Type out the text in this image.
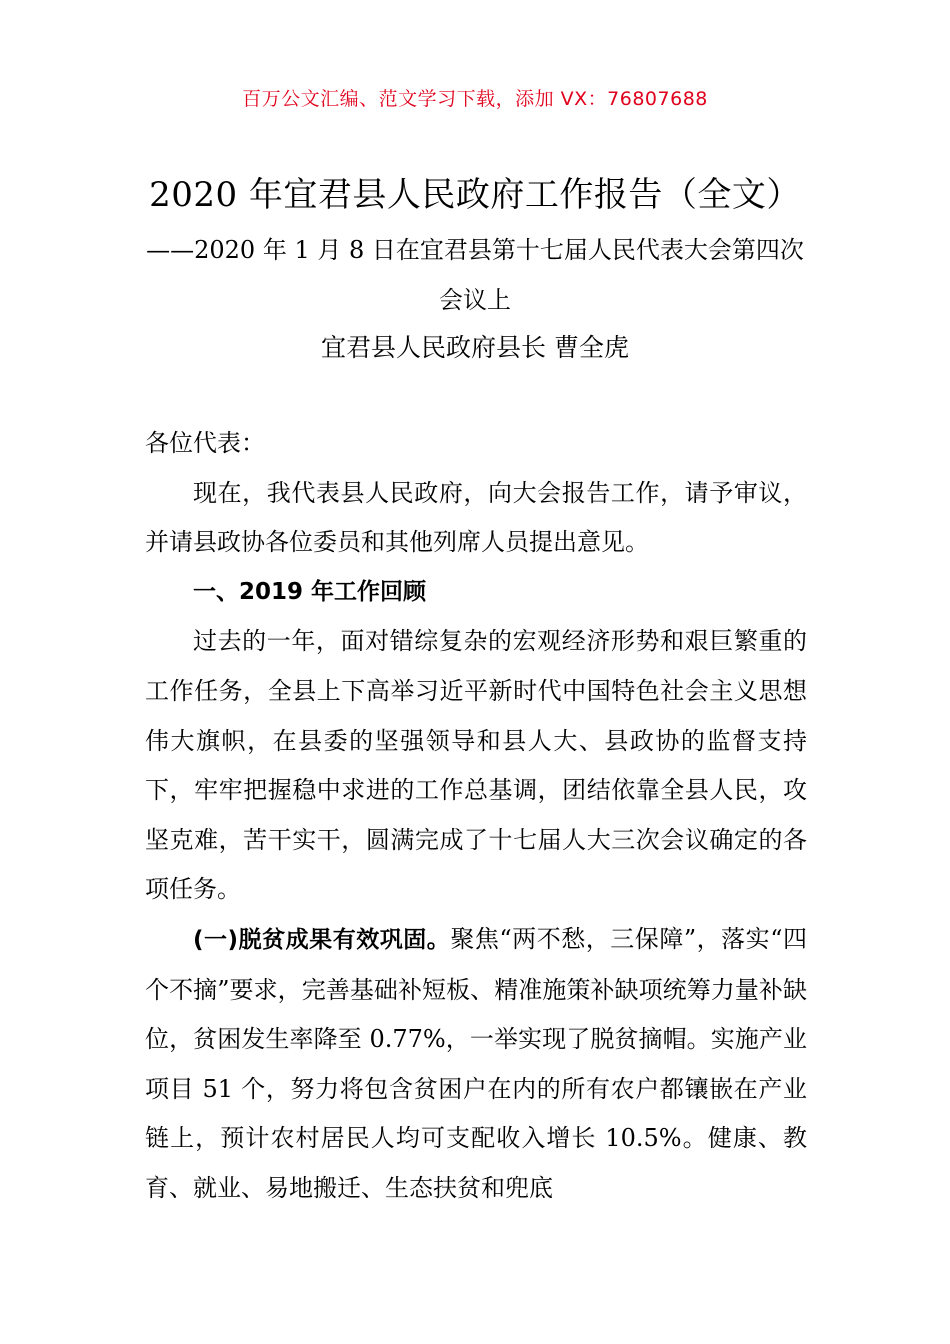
百万公文汇编、范文学习下载，添加 VX：76807688
2020 年宜君县人民政府工作报告（全文）
——2020 年 1 月 8 日在宜君县第十七届人民代表大会第四次会议上
宜君县人民政府县长 曹全虎

各位代表：

现在，我代表县人民政府，向大会报告工作，请予审议，并请县政协各位委员和其他列席人员提出意见。

一、2019 年工作回顾

过去的一年，面对错综复杂的宏观经济形势和艰巨繁重的工作任务，全县上下高举习近平新时代中国特色社会主义思想伟大旗帜，在县委的坚强领导和县人大、县政协的监督支持下，牢牢把握稳中求进的工作总基调，团结依靠全县人民，攻坚克难，苦干实干，圆满完成了十七届人大三次会议确定的各项任务。

(一)脱贫成果有效巩固。聚焦“两不愁，三保障”，落实“四个不摘”要求，完善基础补短板、精准施策补缺项统筹力量补缺位，贫困发生率降至 0.77%，一举实现了脱贫摘帽。实施产业项目 51 个，努力将包含贫困户在内的所有农户都镶嵌在产业链上，预计农村居民人均可支配收入增长 10.5%。健康、教育、就业、易地搬迁、生态扶贫和兜底
